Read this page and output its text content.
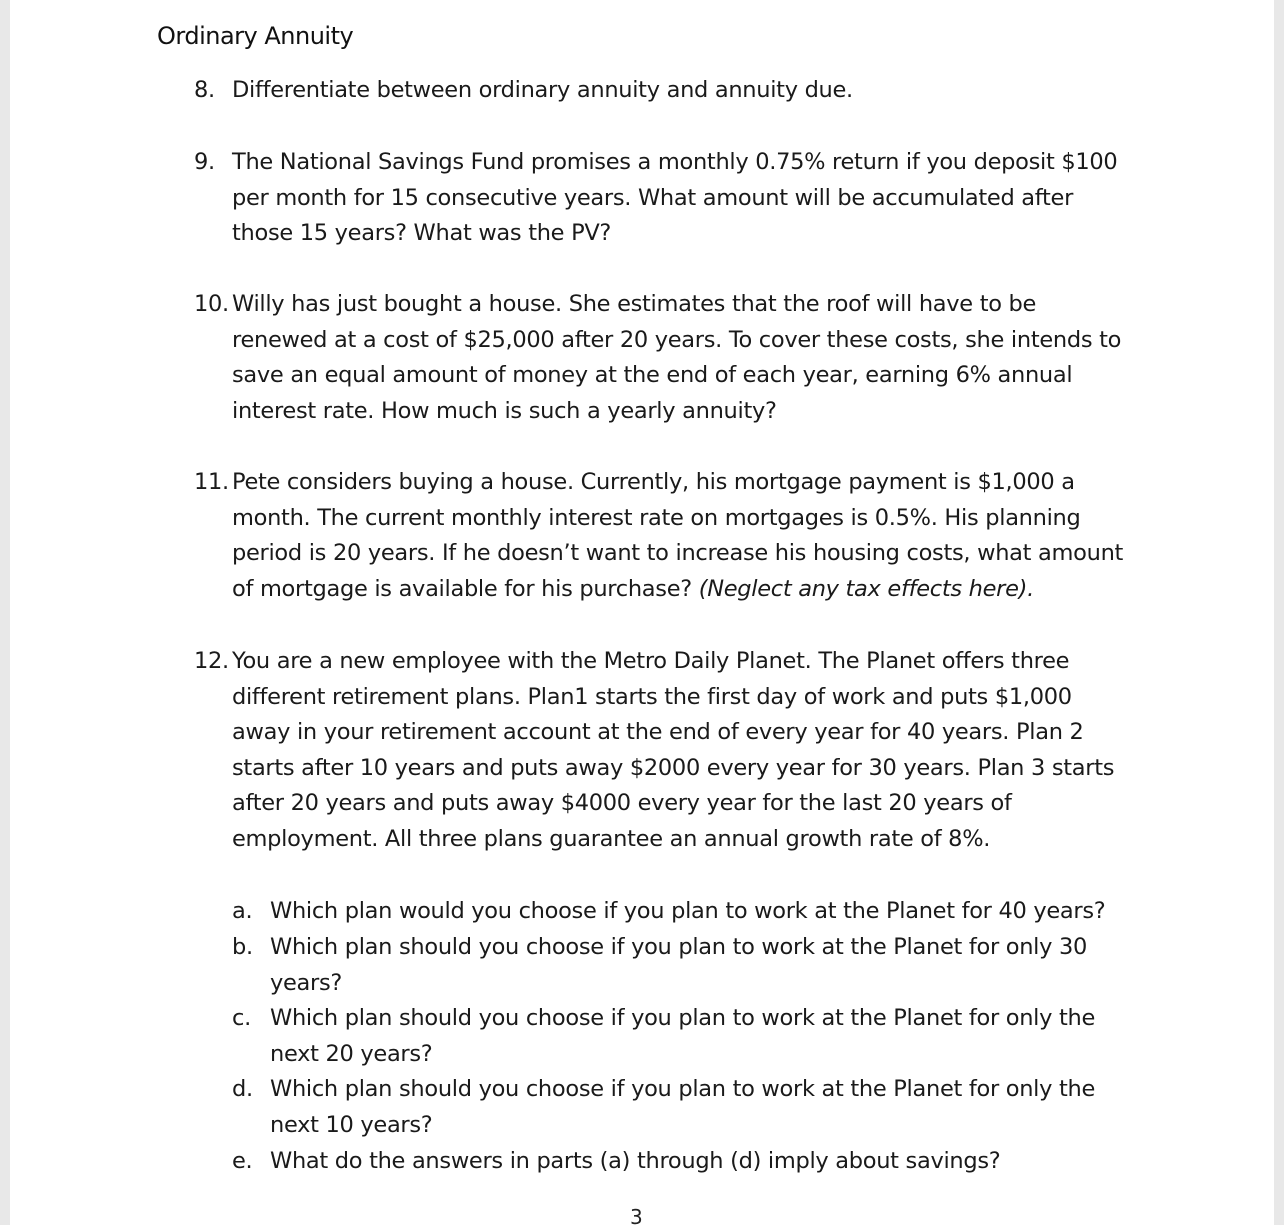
Ordinary Annuity
8. Differentiate between ordinary annuity and annuity due.
9. The National Savings Fund promises a monthly 0.75% return if you deposit $100 per month for 15 consecutive years. What amount will be accumulated after those 15 years? What was the PV?
10. Willy has just bought a house. She estimates that the roof will have to be renewed at a cost of $25,000 after 20 years. To cover these costs, she intends to save an equal amount of money at the end of each year, earning 6% annual interest rate. How much is such a yearly annuity?
11. Pete considers buying a house. Currently, his mortgage payment is $1,000 a month. The current monthly interest rate on mortgages is 0.5%. His planning period is 20 years. If he doesn’t want to increase his housing costs, what amount of mortgage is available for his purchase? (Neglect any tax effects here).
12. You are a new employee with the Metro Daily Planet. The Planet offers three different retirement plans. Plan1 starts the first day of work and puts $1,000 away in your retirement account at the end of every year for 40 years. Plan 2 starts after 10 years and puts away $2000 every year for 30 years. Plan 3 starts after 20 years and puts away $4000 every year for the last 20 years of employment. All three plans guarantee an annual growth rate of 8%.
a. Which plan would you choose if you plan to work at the Planet for 40 years?
b. Which plan should you choose if you plan to work at the Planet for only 30 years?
c. Which plan should you choose if you plan to work at the Planet for only the next 20 years?
d. Which plan should you choose if you plan to work at the Planet for only the next 10 years?
e. What do the answers in parts (a) through (d) imply about savings?
3
